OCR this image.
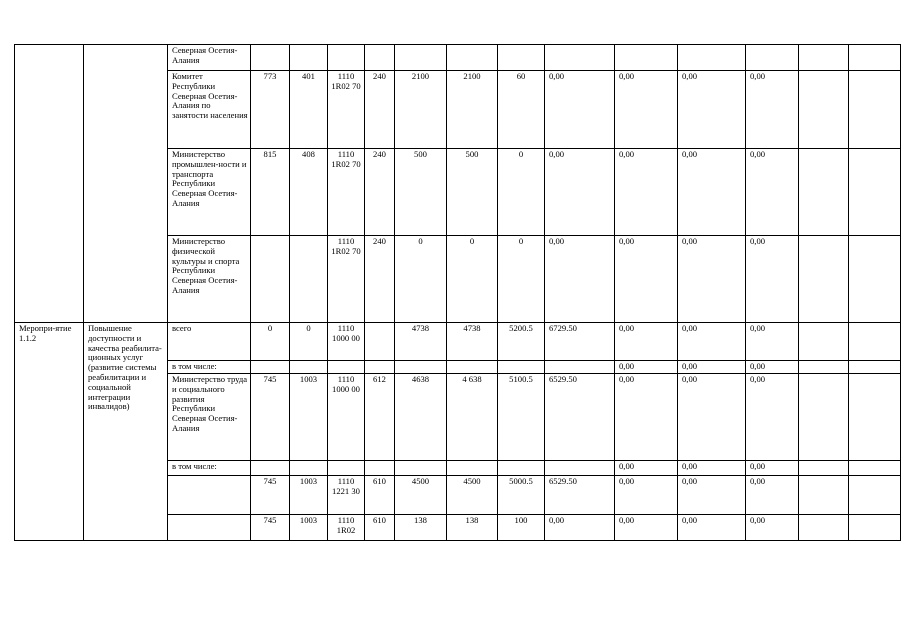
		Северная Осетия-Алания													
		Комитет Республики Северная Осетия-Алания по занятости населения	773	401	1110 1R02 70	240	2100	2100	60	0,00	0,00	0,00	0,00		
		Министерство промышлен-ности и транспорта Республики Северная Осетия-Алания	815	408	1110 1R02 70	240	500	500	0	0,00	0,00	0,00	0,00		
		Министерство физической культуры и спорта Республики Северная Осетия-Алания			1110 1R02 70	240	0	0	0	0,00	0,00	0,00	0,00		
Меропри-ятие 1.1.2	Повышение доступности и качества реабилита-ционных услуг (развитие системы реабилитации и социальной интеграции инвалидов)	всего	0	0	1110 1000 00		4738	4738	5200.5	6729.50	0,00	0,00	0,00		
		в том числе:									0,00	0,00	0,00		
		Министерство труда и социального развития Республики Северная Осетия-Алания	745	1003	1110 1000 00	612	4638	4 638	5100.5	6529.50	0,00	0,00	0,00		
		в том числе:									0,00	0,00	0,00		
			745	1003	1110 1221 30	610	4500	4500	5000.5	6529.50	0,00	0,00	0,00		
			745	1003	1110 1R02	610	138	138	100	0,00	0,00	0,00	0,00		
